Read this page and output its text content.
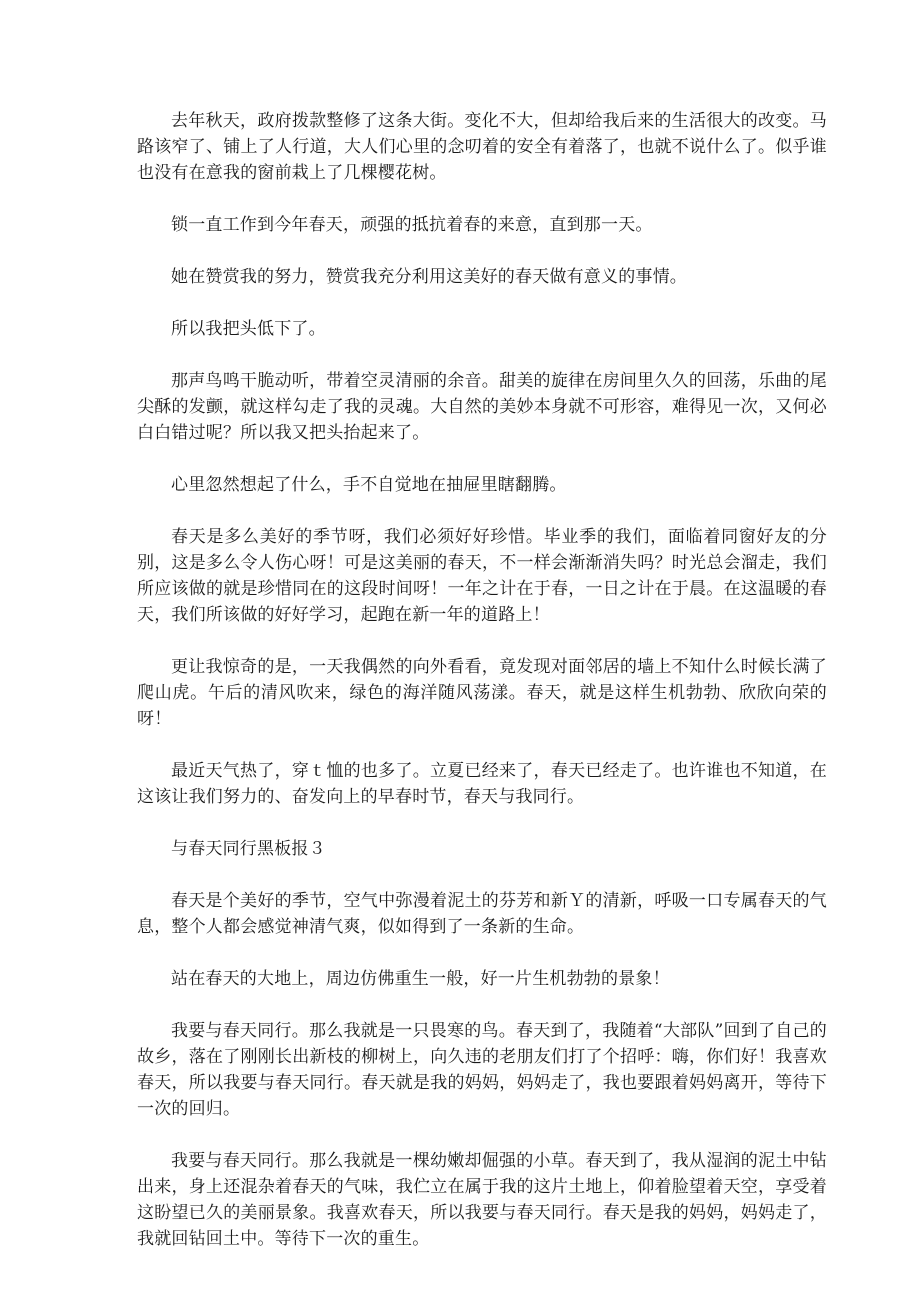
去年秋天，政府拨款整修了这条大街。变化不大，但却给我后来的生活很大的改变。马路该窄了、铺上了人行道，大人们心里的念叨着的安全有着落了，也就不说什么了。似乎谁也没有在意我的窗前栽上了几棵樱花树。

锁一直工作到今年春天，顽强的抵抗着春的来意，直到那一天。

她在赞赏我的努力，赞赏我充分利用这美好的春天做有意义的事情。

所以我把头低下了。

那声鸟鸣干脆动听，带着空灵清丽的余音。甜美的旋律在房间里久久的回荡，乐曲的尾尖酥的发颤，就这样勾走了我的灵魂。大自然的美妙本身就不可形容，难得见一次，又何必白白错过呢？所以我又把头抬起来了。

心里忽然想起了什么，手不自觉地在抽屉里瞎翻腾。

春天是多么美好的季节呀，我们必须好好珍惜。毕业季的我们，面临着同窗好友的分别，这是多么令人伤心呀！可是这美丽的春天，不一样会渐渐消失吗？时光总会溜走，我们所应该做的就是珍惜同在的这段时间呀！一年之计在于春，一日之计在于晨。在这温暖的春天，我们所该做的好好学习，起跑在新一年的道路上！

更让我惊奇的是，一天我偶然的向外看看，竟发现对面邻居的墙上不知什么时候长满了爬山虎。午后的清风吹来，绿色的海洋随风荡漾。春天，就是这样生机勃勃、欣欣向荣的呀！

最近天气热了，穿ｔ恤的也多了。立夏已经来了，春天已经走了。也许谁也不知道，在这该让我们努力的、奋发向上的早春时节，春天与我同行。

与春天同行黑板报３

春天是个美好的季节，空气中弥漫着泥土的芬芳和新Ｙ的清新，呼吸一口专属春天的气息，整个人都会感觉神清气爽，似如得到了一条新的生命。

站在春天的大地上，周边仿佛重生一般，好一片生机勃勃的景象！

我要与春天同行。那么我就是一只畏寒的鸟。春天到了，我随着“大部队”回到了自己的故乡，落在了刚刚长出新枝的柳树上，向久违的老朋友们打了个招呼：嗨，你们好！我喜欢春天，所以我要与春天同行。春天就是我的妈妈，妈妈走了，我也要跟着妈妈离开，等待下一次的回归。

我要与春天同行。那么我就是一棵幼嫩却倔强的小草。春天到了，我从湿润的泥土中钻出来，身上还混杂着春天的气味，我伫立在属于我的这片土地上，仰着脸望着天空，享受着这盼望已久的美丽景象。我喜欢春天，所以我要与春天同行。春天是我的妈妈，妈妈走了，我就回钻回土中。等待下一次的重生。
